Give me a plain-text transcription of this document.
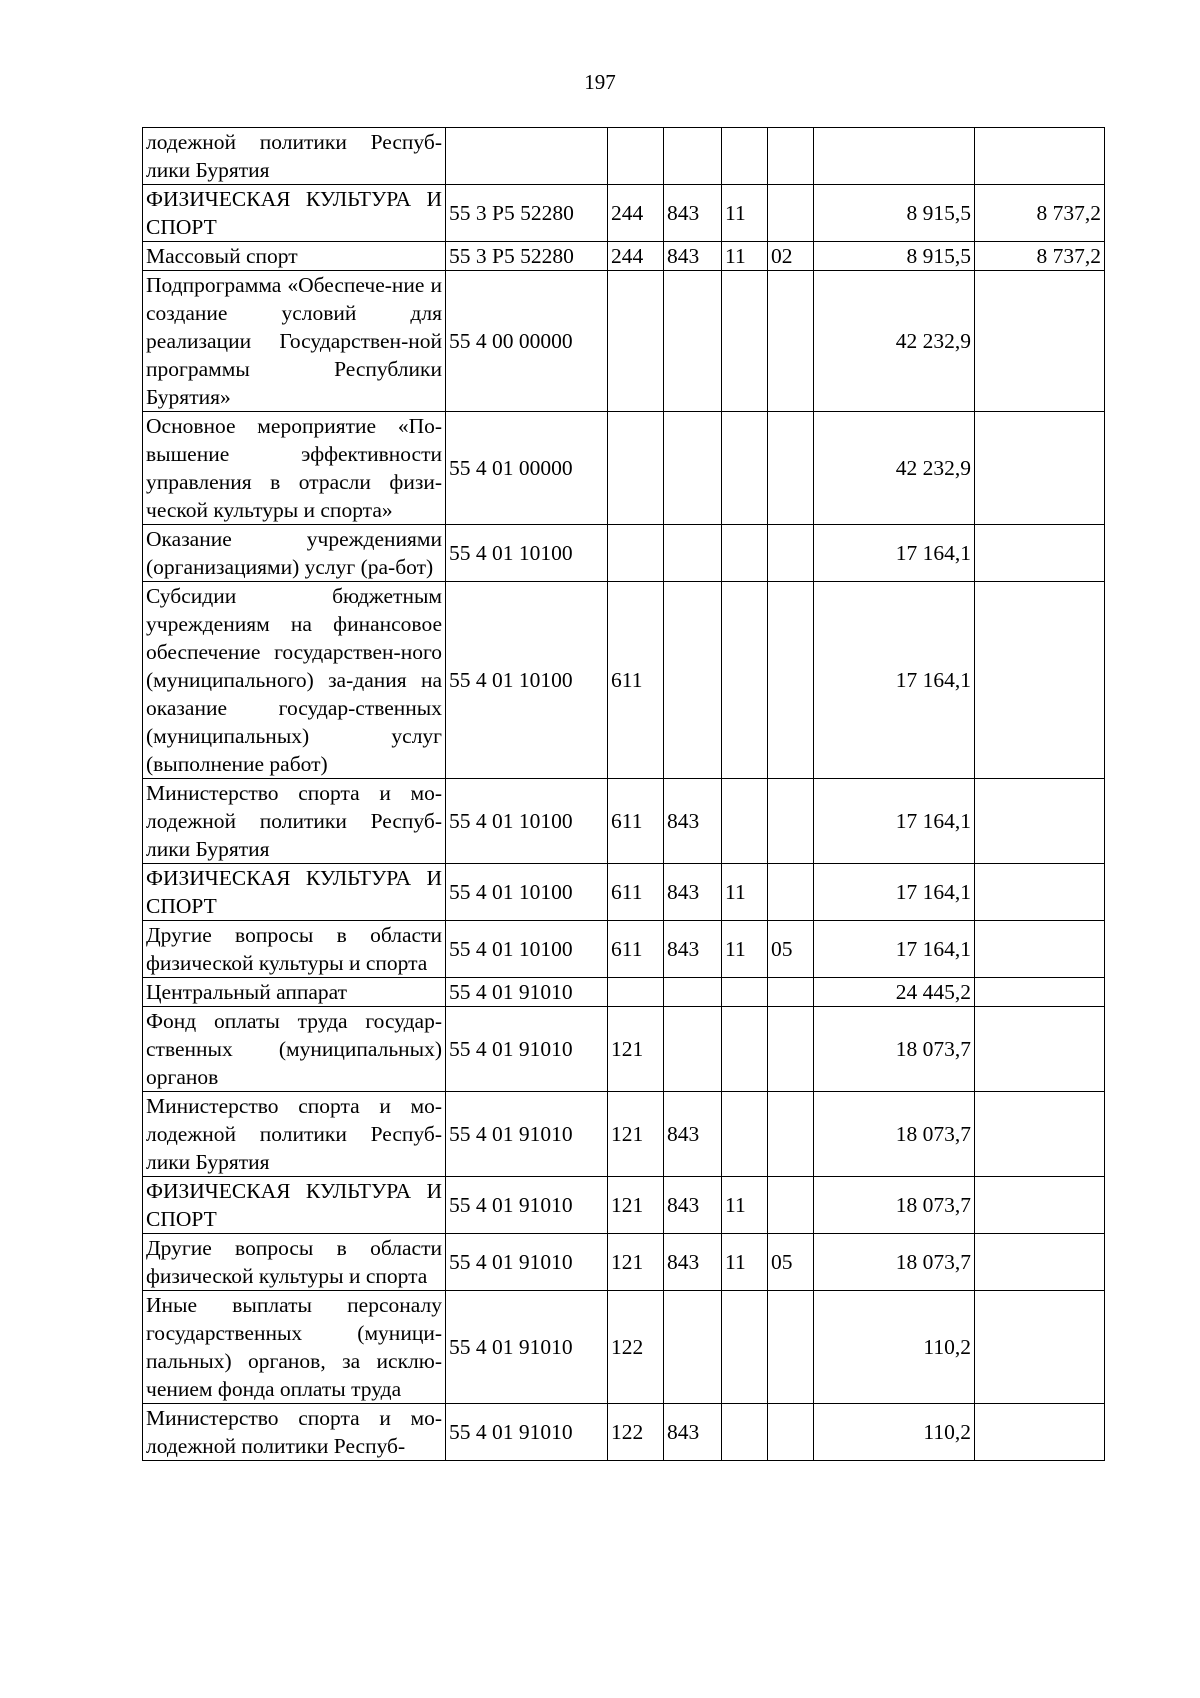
197
лодежной политики Респуб-лики Бурятия							
ФИЗИЧЕСКАЯ КУЛЬТУРА И СПОРТ	55 3 P5 52280	244	843	11		8 915,5	8 737,2
Массовый спорт	55 3 P5 52280	244	843	11	02	8 915,5	8 737,2
Подпрограмма «Обеспече-ние и создание условий для реализации Государствен-ной программы Республики Бурятия»	55 4 00 00000					42 232,9	
Основное мероприятие «По-вышение эффективности управления в отрасли физи-ческой культуры и спорта»	55 4 01 00000					42 232,9	
Оказание учреждениями (организациями) услуг (ра-бот)	55 4 01 10100					17 164,1	
Субсидии бюджетным учреждениям на финансовое обеспечение государствен-ного (муниципального) за-дания на оказание государ-ственных (муниципальных) услуг (выполнение работ)	55 4 01 10100	611				17 164,1	
Министерство спорта и мо-лодежной политики Респуб-лики Бурятия	55 4 01 10100	611	843			17 164,1	
ФИЗИЧЕСКАЯ КУЛЬТУРА И СПОРТ	55 4 01 10100	611	843	11		17 164,1	
Другие вопросы в области физической культуры и спорта	55 4 01 10100	611	843	11	05	17 164,1	
Центральный аппарат	55 4 01 91010					24 445,2	
Фонд оплаты труда государ-ственных (муниципальных) органов	55 4 01 91010	121				18 073,7	
Министерство спорта и мо-лодежной политики Респуб-лики Бурятия	55 4 01 91010	121	843			18 073,7	
ФИЗИЧЕСКАЯ КУЛЬТУРА И СПОРТ	55 4 01 91010	121	843	11		18 073,7	
Другие вопросы в области физической культуры и спорта	55 4 01 91010	121	843	11	05	18 073,7	
Иные выплаты персоналу государственных (муници-пальных) органов, за исклю-чением фонда оплаты труда	55 4 01 91010	122				110,2	
Министерство спорта и мо-лодежной политики Респуб-	55 4 01 91010	122	843			110,2	
